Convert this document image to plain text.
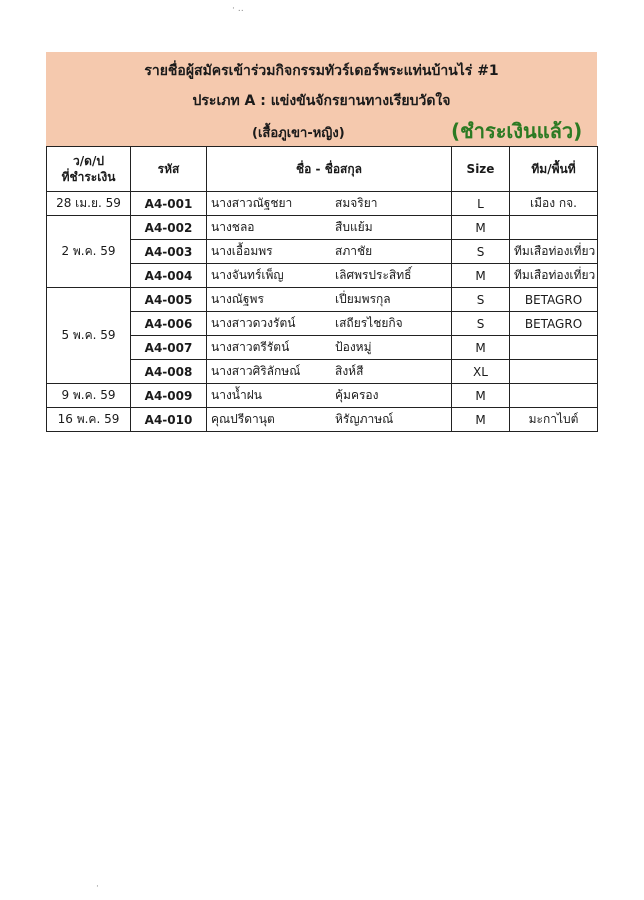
· ‥
·
รายชื่อผู้สมัครเข้าร่วมกิจกรรมทัวร์เดอร์พระแท่นบ้านไร่ #1
ประเภท A : แข่งขันจักรยานทางเรียบวัดใจ
(เสื้อภูเขา-หญิง)	(ชำระเงินแล้ว)
ว/ด/ป
ที่ชำระเงิน	รหัส	ชื่อ - ชื่อสกุล	Size	ทีม/พื้นที่
28 เม.ย. 59	A4-001	นางสาวณัฐชยา สมจริยา	L	เมือง กจ.
2 พ.ค. 59	A4-002	นางชลอ สืบแย้ม	M	
	A4-003	นางเอื้อมพร สภาชัย	S	ทีมเสือท่องเที่ยว
	A4-004	นางจันทร์เพ็ญ เลิศพรประสิทธิ์	M	ทีมเสือท่องเที่ยว
5 พ.ค. 59	A4-005	นางณัฐพร เปี่ยมพรกุล	S	BETAGRO
	A4-006	นางสาวดวงรัตน์ เสถียรไชยกิจ	S	BETAGRO
	A4-007	นางสาวตรีรัตน์ ป้องหมู่	M	
	A4-008	นางสาวศิริลักษณ์ สิงห์สี	XL	
9 พ.ค. 59	A4-009	นางน้ำฝน คุ้มครอง	M	
16 พ.ค. 59	A4-010	คุณปรีดานุต หิรัญภาษณ์	M	มะกาไบต์
